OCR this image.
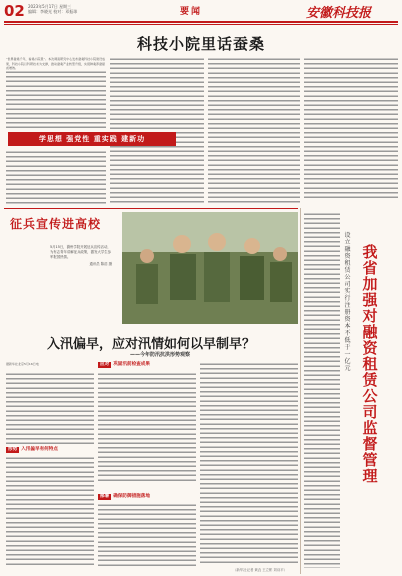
02 2023年5月17日 星期三
编辑：李晓光 校对：邓振球	要闻	安徽科技报
科技小院里话蚕桑
“世界蚕桑千年，看桑小院里”。本次调查研究中心发布蚕桑科技小院建设成果，科技小院以科研技术为支撑，推动蚕桑产业转型升级，实现种桑养蚕提质增效。
学思想 强党性 重实践 建新功
征兵宣传进高校
5月15日，滁州学院开展征兵宣传活动，为有志青年讲解征兵政策，激发大学生参军报国热情。
通讯员 陈浩 摄
设立融资租赁公司实行注册资本不低于一亿元
我省加强对融资租赁公司监督管理
入汛偏早，应对汛情如何以早制早？
——今年防汛抗洪形势观察
据新华社北京5月16日电
形势 入汛偏早有何特点
应对 巩固汛前检查成果
部署 确保防御措施落地
（新华社记者 黄垚 王立彬 刘诗平）
